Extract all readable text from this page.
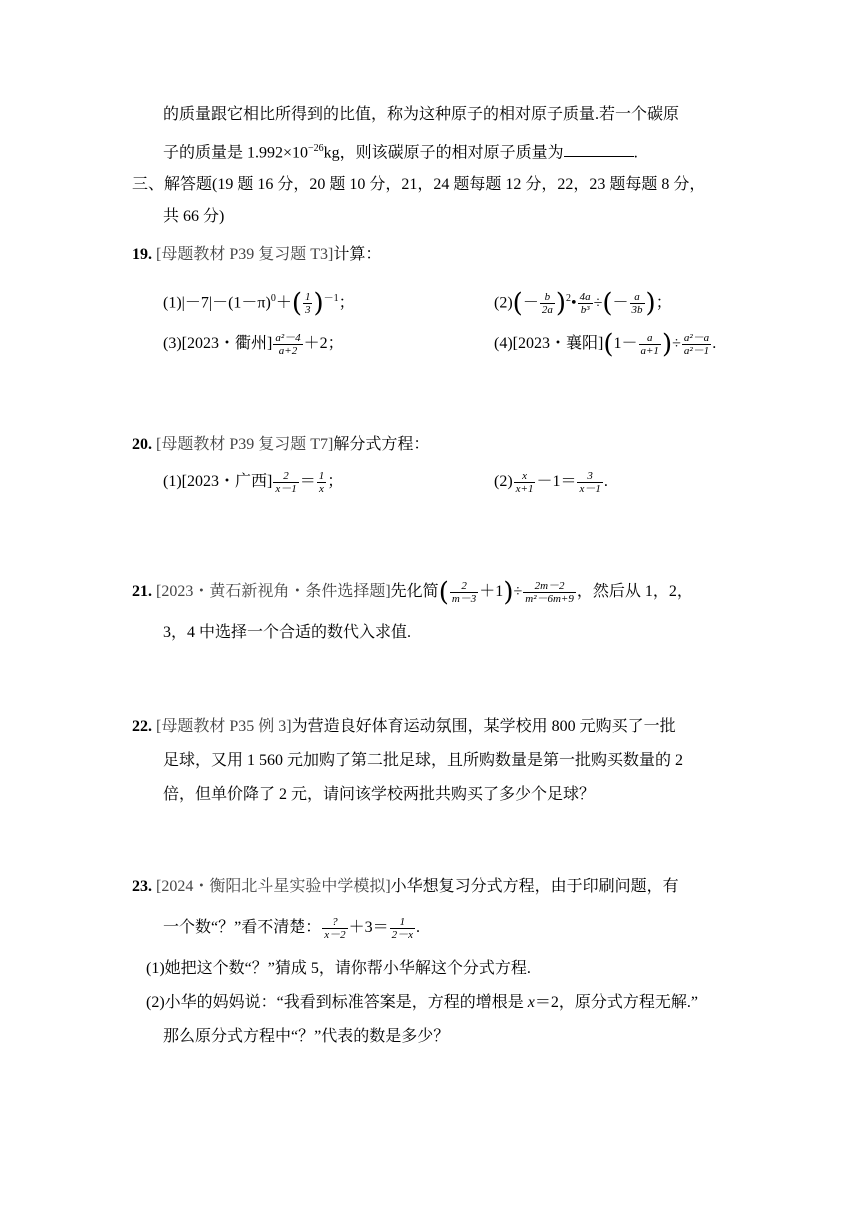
的质量跟它相比所得到的比值，称为这种原子的相对原子质量.若一个碳原
子的质量是 $1.992\times 10^{-26}kg$，则该碳原子的相对原子质量为	.
三、解答题(19 题 16 分，20 题 10 分，21，24 题每题 12 分，22，23 题每题 8 分，
共 66 分)
19. [母题教材 P39 复习题 T3]计算：
$(1)|-7|-(1-\pi)^0+( \frac{1}{3} )^{-1}$；	$(2)(- \frac{b}{2a}$ )$^2• \frac{4a}{\text{b³}}$ ÷(－ $\frac{a}{3b}$ )；
(3)[2023・衢州] $\frac{\text{a²－4}}{a+2} +2$；	(4)[2023・襄阳]($1- \frac{a}{a+1}$ )÷ $\frac{\text{a²－a}}{\text{a²－1}}$ .
20. [母题教材 P39 复习题 T7]解分式方程：
(1)[2023・广西] $\frac{2}{x-1} = \frac{1}{x}$ ；	$(2) \frac{x}{x+1} -1= \frac{3}{x-1}$ .
21. [2023・黄石新视角・条件选择题]先化简( $\frac{2}{m-3} +1)\div \frac{2m-2}{\text{m²－6m+9}}$ ，然后从 1，2，
3，4 中选择一个合适的数代入求值.
22. [母题教材 P35 例 3]为营造良好体育运动氛围，某学校用 800 元购买了一批
足球，又用 1 560 元加购了第二批足球，且所购数量是第一批购买数量的 2
倍，但单价降了 2 元，请问该学校两批共购买了多少个足球？
23. [2024・衡阳北斗星实验中学模拟]小华想复习分式方程，由于印刷问题，有
一个数“？”看不清楚： $\frac{?}{x-2} +3= \frac{1}{2-x}$ .
(1)她把这个数“？”猜成 5，请你帮小华解这个分式方程.
(2)小华的妈妈说：“我看到标准答案是，方程的增根是 x＝2，原分式方程无解.”
那么原分式方程中“？”代表的数是多少？
